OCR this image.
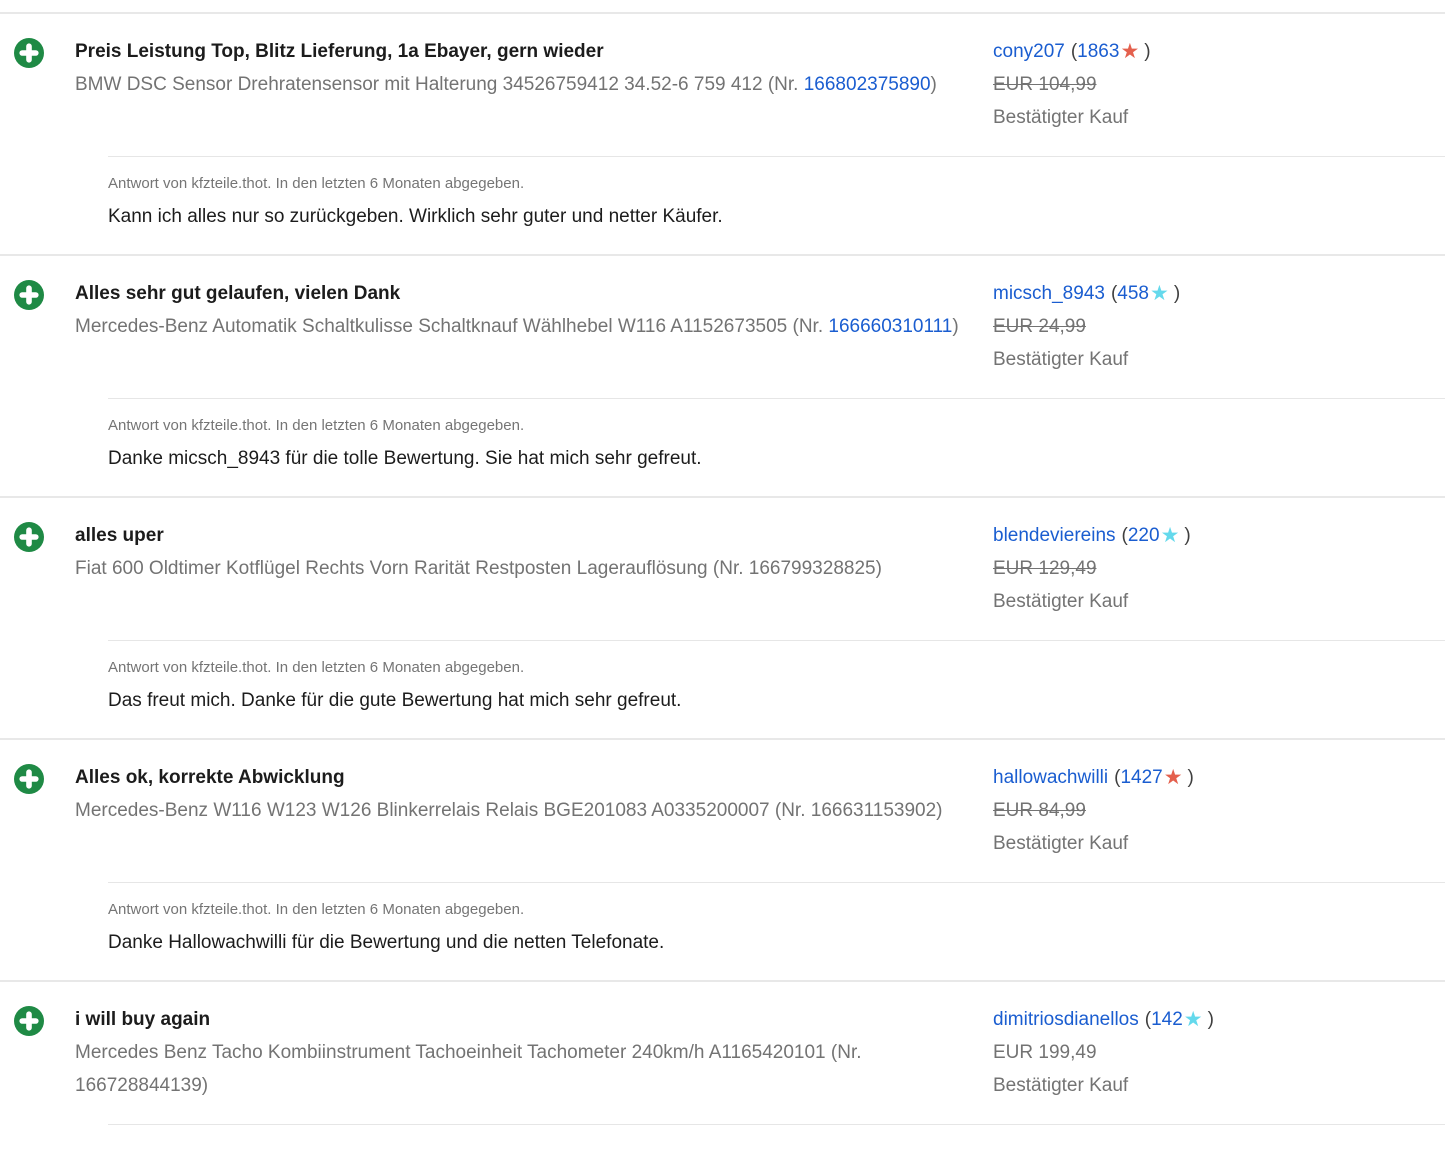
Preis Leistung Top, Blitz Lieferung, 1a Ebayer, gern wieder
BMW DSC Sensor Drehratensensor mit Halterung 34526759412 34.52-6 759 412 (Nr. 166802375890)
cony207 (1863★ )
EUR 104,99
Bestätigter Kauf
Antwort von kfzteile.thot. In den letzten 6 Monaten abgegeben.
Kann ich alles nur so zurückgeben. Wirklich sehr guter und netter Käufer.
Alles sehr gut gelaufen, vielen Dank
Mercedes-Benz Automatik Schaltkulisse Schaltknauf Wählhebel W116 A1152673505 (Nr. 166660310111)
micsch_8943 (458★ )
EUR 24,99
Bestätigter Kauf
Antwort von kfzteile.thot. In den letzten 6 Monaten abgegeben.
Danke micsch_8943 für die tolle Bewertung. Sie hat mich sehr gefreut.
alles uper
Fiat 600 Oldtimer Kotflügel Rechts Vorn Rarität Restposten Lagerauflösung (Nr. 166799328825)
blendeviereins (220★ )
EUR 129,49
Bestätigter Kauf
Antwort von kfzteile.thot. In den letzten 6 Monaten abgegeben.
Das freut mich. Danke für die gute Bewertung hat mich sehr gefreut.
Alles ok, korrekte Abwicklung
Mercedes-Benz W116 W123 W126 Blinkerrelais Relais BGE201083 A0335200007 (Nr. 166631153902)
hallowachwilli (1427★ )
EUR 84,99
Bestätigter Kauf
Antwort von kfzteile.thot. In den letzten 6 Monaten abgegeben.
Danke Hallowachwilli für die Bewertung und die netten Telefonate.
i will buy again
Mercedes Benz Tacho Kombiinstrument Tachoeinheit Tachometer 240km/h A1165420101 (Nr. 166728844139)
dimitriosdianellos (142★ )
EUR 199,49
Bestätigter Kauf
